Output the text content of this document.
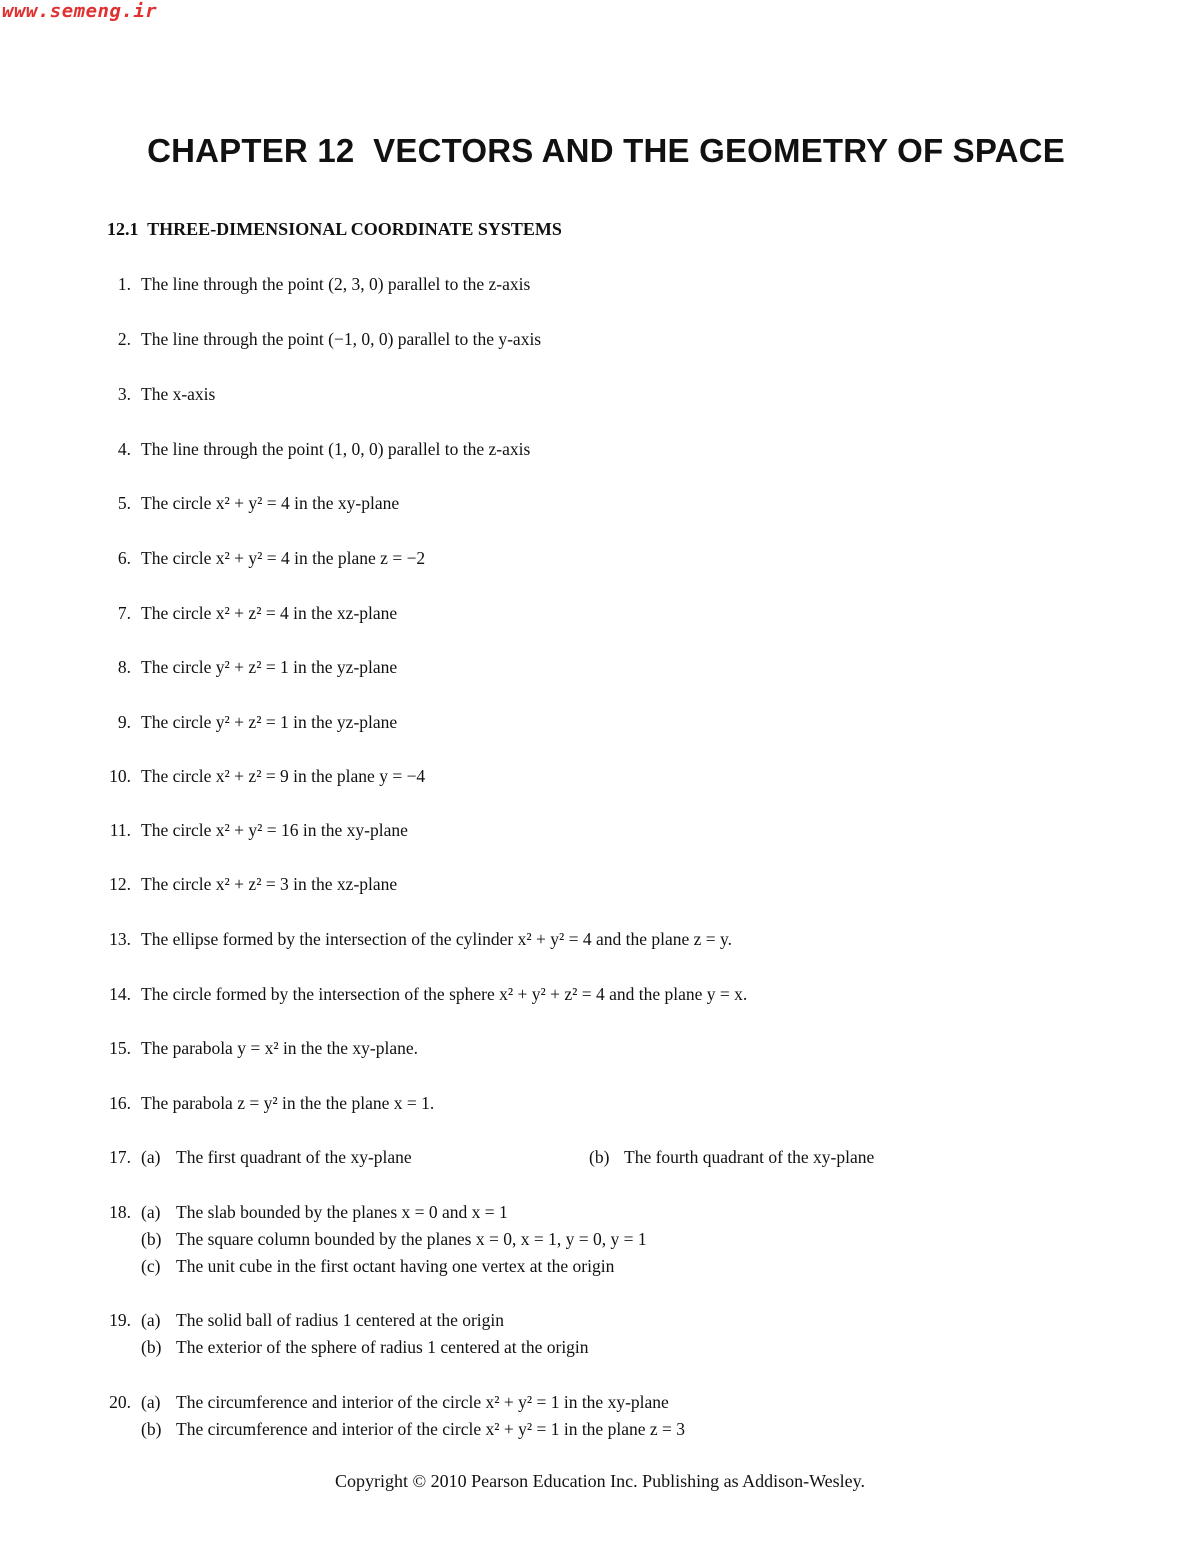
www.semeng.ir
CHAPTER 12  VECTORS AND THE GEOMETRY OF SPACE
12.1  THREE-DIMENSIONAL COORDINATE SYSTEMS
1. The line through the point (2, 3, 0) parallel to the z-axis
2. The line through the point (−1, 0, 0) parallel to the y-axis
3. The x-axis
4. The line through the point (1, 0, 0) parallel to the z-axis
5. The circle x² + y² = 4 in the xy-plane
6. The circle x² + y² = 4 in the plane z = −2
7. The circle x² + z² = 4 in the xz-plane
8. The circle y² + z² = 1 in the yz-plane
9. The circle y² + z² = 1 in the yz-plane
10. The circle x² + z² = 9 in the plane y = −4
11. The circle x² + y² = 16 in the xy-plane
12. The circle x² + z² = 3 in the xz-plane
13. The ellipse formed by the intersection of the cylinder x² + y² = 4 and the plane z = y.
14. The circle formed by the intersection of the sphere x² + y² + z² = 4 and the plane y = x.
15. The parabola y = x² in the the xy-plane.
16. The parabola z = y² in the the plane x = 1.
17. (a) The first quadrant of the xy-plane	(b) The fourth quadrant of the xy-plane
18. (a) The slab bounded by the planes x = 0 and x = 1
(b) The square column bounded by the planes x = 0, x = 1, y = 0, y = 1
(c) The unit cube in the first octant having one vertex at the origin
19. (a) The solid ball of radius 1 centered at the origin
(b) The exterior of the sphere of radius 1 centered at the origin
20. (a) The circumference and interior of the circle x² + y² = 1 in the xy-plane
(b) The circumference and interior of the circle x² + y² = 1 in the plane z = 3
Copyright © 2010 Pearson Education Inc. Publishing as Addison-Wesley.
